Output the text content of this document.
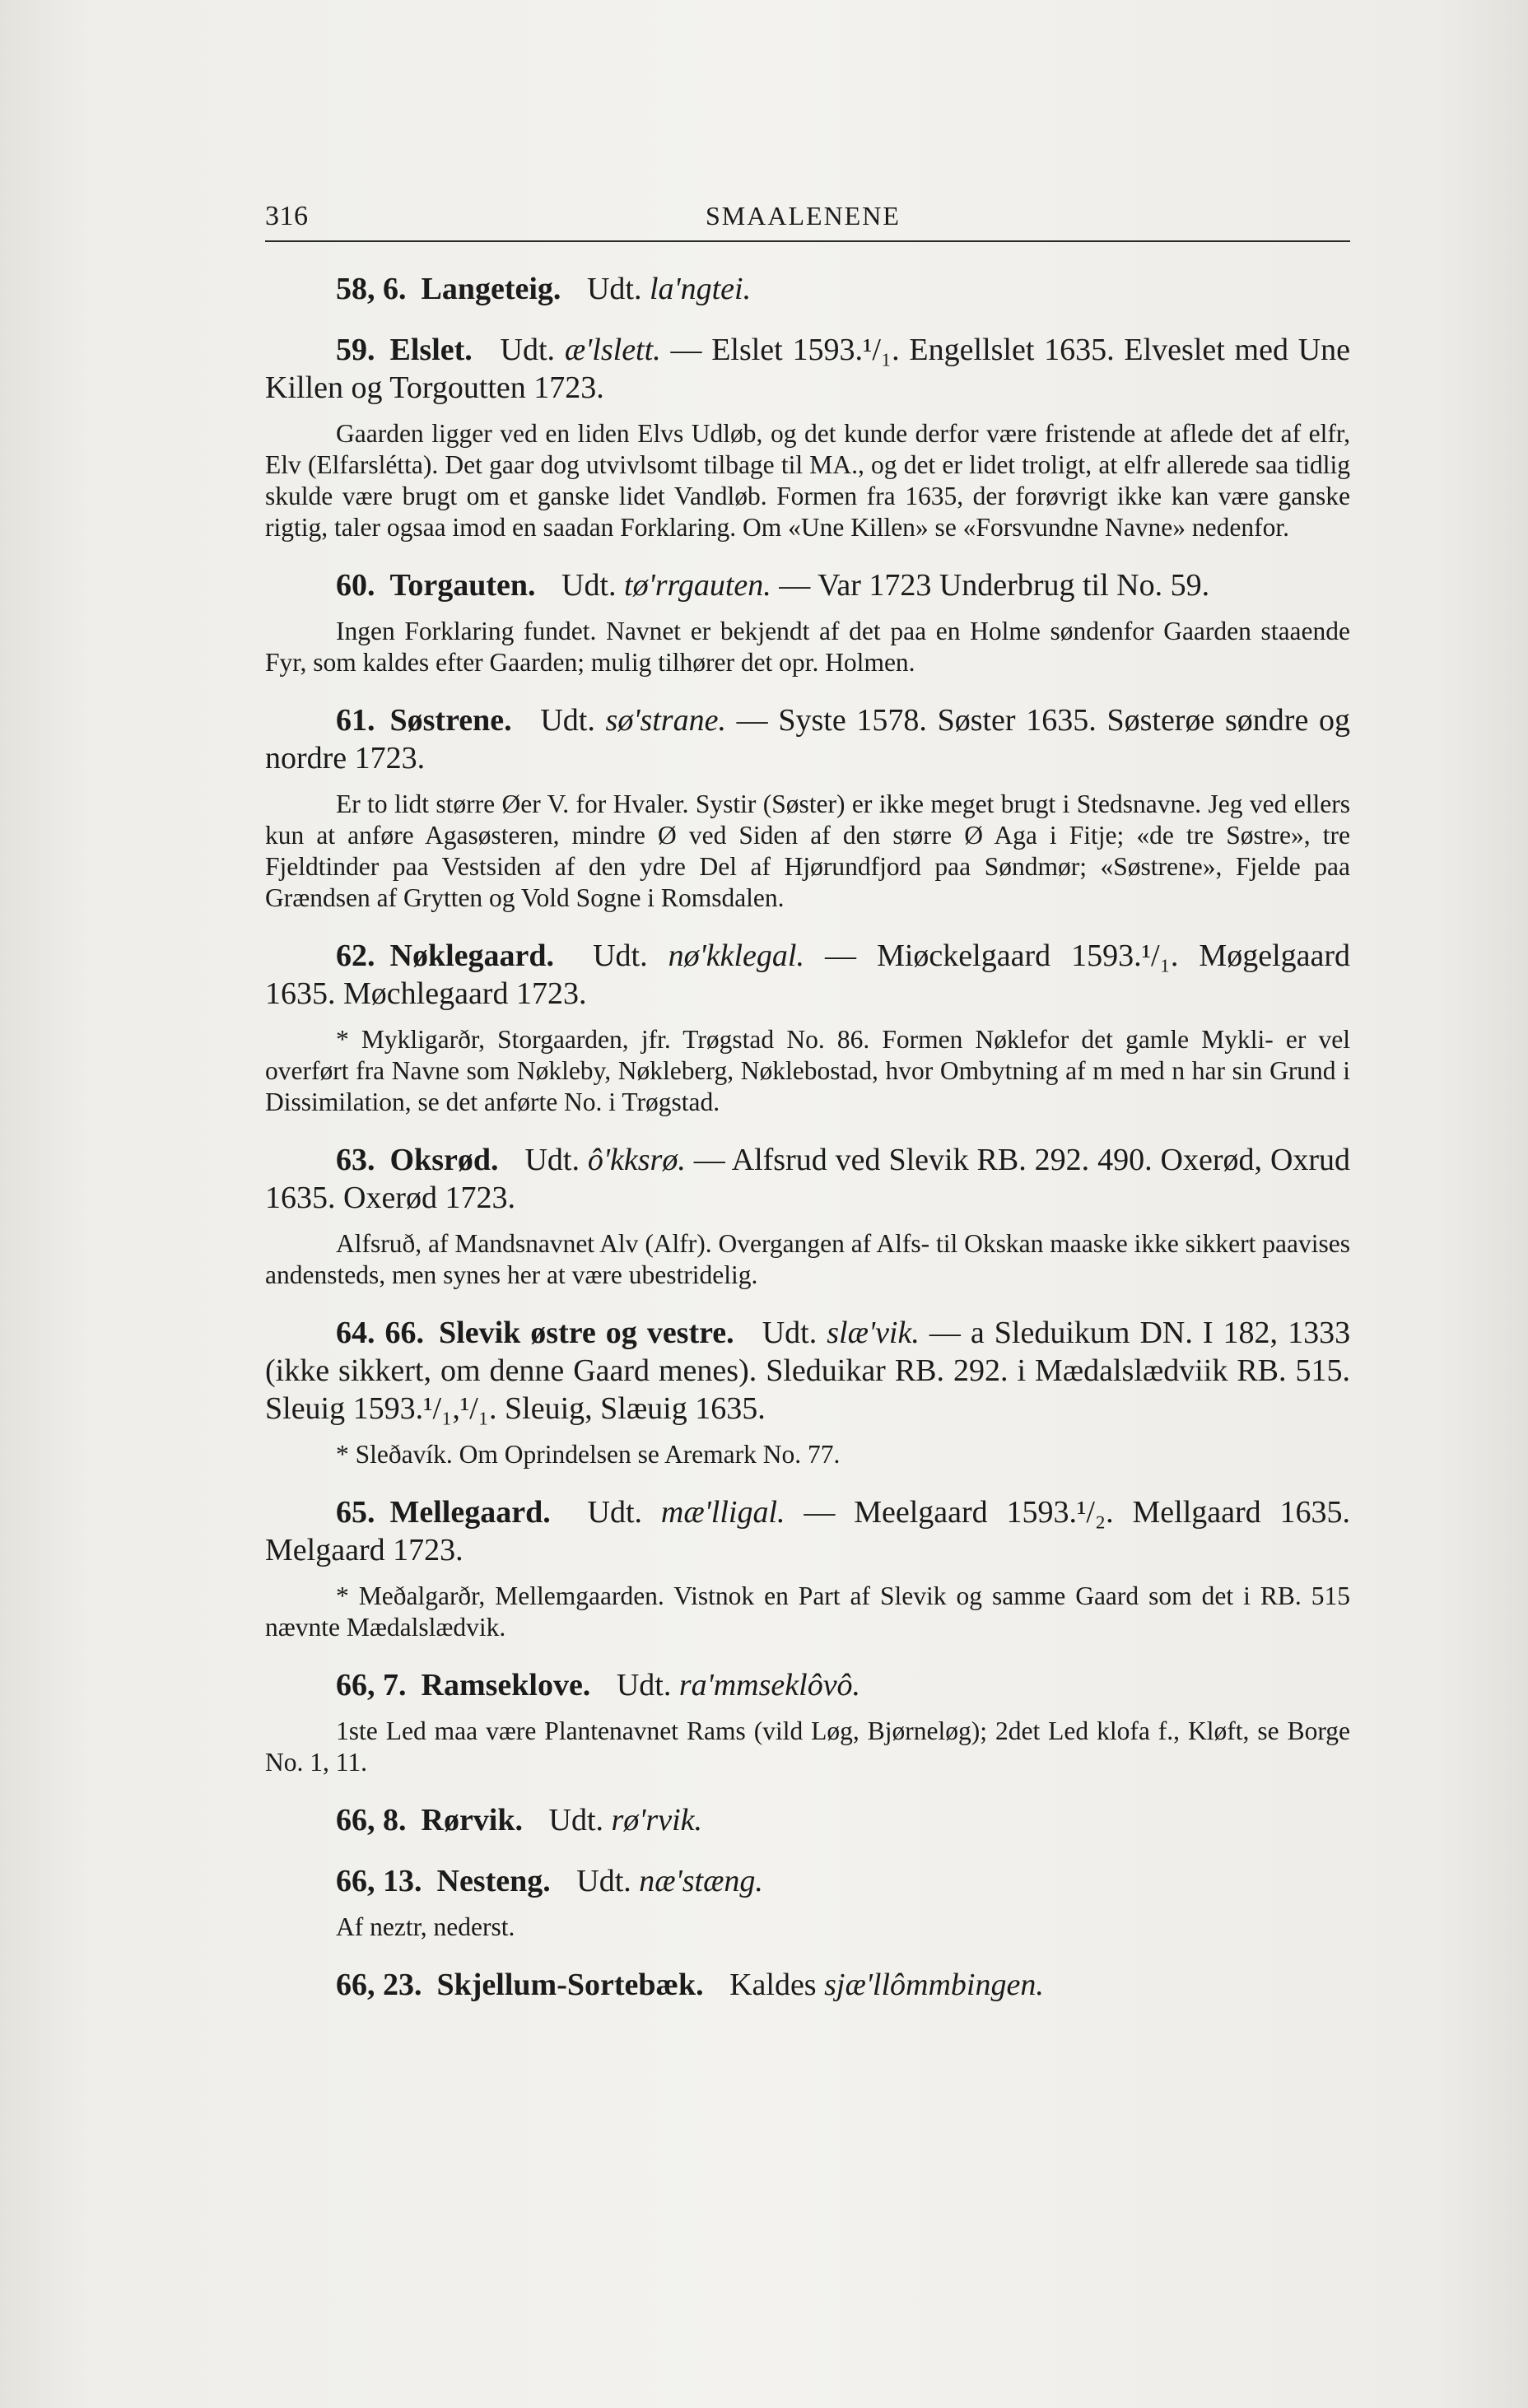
316	SMAALENENE
58, 6. Langeteig. Udt. la'ngtei.
59. Elslet. Udt. æ'lslett. — Elslet 1593.¹/₁. Engellslet 1635. Elveslet med Une Killen og Torgoutten 1723.
Gaarden ligger ved en liden Elvs Udløb, og det kunde derfor være fristende at aflede det af elfr, Elv (Elfarslétta). Det gaar dog utvivlsomt tilbage til MA., og det er lidet troligt, at elfr allerede saa tidlig skulde være brugt om et ganske lidet Vandløb. Formen fra 1635, der forøvrigt ikke kan være ganske rigtig, taler ogsaa imod en saadan Forklaring. Om «Une Killen» se «Forsvundne Navne» nedenfor.
60. Torgauten. Udt. tø'rrgauten. — Var 1723 Underbrug til No. 59.
Ingen Forklaring fundet. Navnet er bekjendt af det paa en Holme søndenfor Gaarden staaende Fyr, som kaldes efter Gaarden; mulig tilhører det opr. Holmen.
61. Søstrene. Udt. sø'strane. — Syste 1578. Søster 1635. Søsterøe søndre og nordre 1723.
Er to lidt større Øer V. for Hvaler. Systir (Søster) er ikke meget brugt i Stedsnavne. Jeg ved ellers kun at anføre Agasøsteren, mindre Ø ved Siden af den større Ø Aga i Fitje; «de tre Søstre», tre Fjeldtinder paa Vestsiden af den ydre Del af Hjørundfjord paa Søndmør; «Søstrene», Fjelde paa Grændsen af Grytten og Vold Sogne i Romsdalen.
62. Nøklegaard. Udt. nø'kklegal. — Miøckelgaard 1593.¹/₁. Møgelgaard 1635. Møchlegaard 1723.
* Mykligarðr, Storgaarden, jfr. Trøgstad No. 86. Formen Nøklefor det gamle Mykli- er vel overført fra Navne som Nøkleby, Nøkleberg, Nøklebostad, hvor Ombytning af m med n har sin Grund i Dissimilation, se det anførte No. i Trøgstad.
63. Oksrød. Udt. ô'kksrø. — Alfsrud ved Slevik RB. 292. 490. Oxerød, Oxrud 1635. Oxerød 1723.
Alfsruð, af Mandsnavnet Alv (Alfr). Overgangen af Alfs- til Okskan maaske ikke sikkert paavises andensteds, men synes her at være ubestridelig.
64. 66. Slevik østre og vestre. Udt. slæ'vik. — a Sleduikum DN. I 182, 1333 (ikke sikkert, om denne Gaard menes). Sleduikar RB. 292. i Mædalslædviik RB. 515. Sleuig 1593.¹/₁,¹/₁. Sleuig, Slæuig 1635.
* Sleðavík. Om Oprindelsen se Aremark No. 77.
65. Mellegaard. Udt. mæ'lligal. — Meelgaard 1593.¹/₂. Mellgaard 1635. Melgaard 1723.
* Meðalgarðr, Mellemgaarden. Vistnok en Part af Slevik og samme Gaard som det i RB. 515 nævnte Mædalslædvik.
66, 7. Ramseklove. Udt. ra'mmseklôvô.
1ste Led maa være Plantenavnet Rams (vild Løg, Bjørneløg); 2det Led klofa f., Kløft, se Borge No. 1, 11.
66, 8. Rørvik. Udt. rø'rvik.
66, 13. Nesteng. Udt. næ'stæng.
Af neztr, nederst.
66, 23. Skjellum-Sortebæk. Kaldes sjæ'llômmbingen.
